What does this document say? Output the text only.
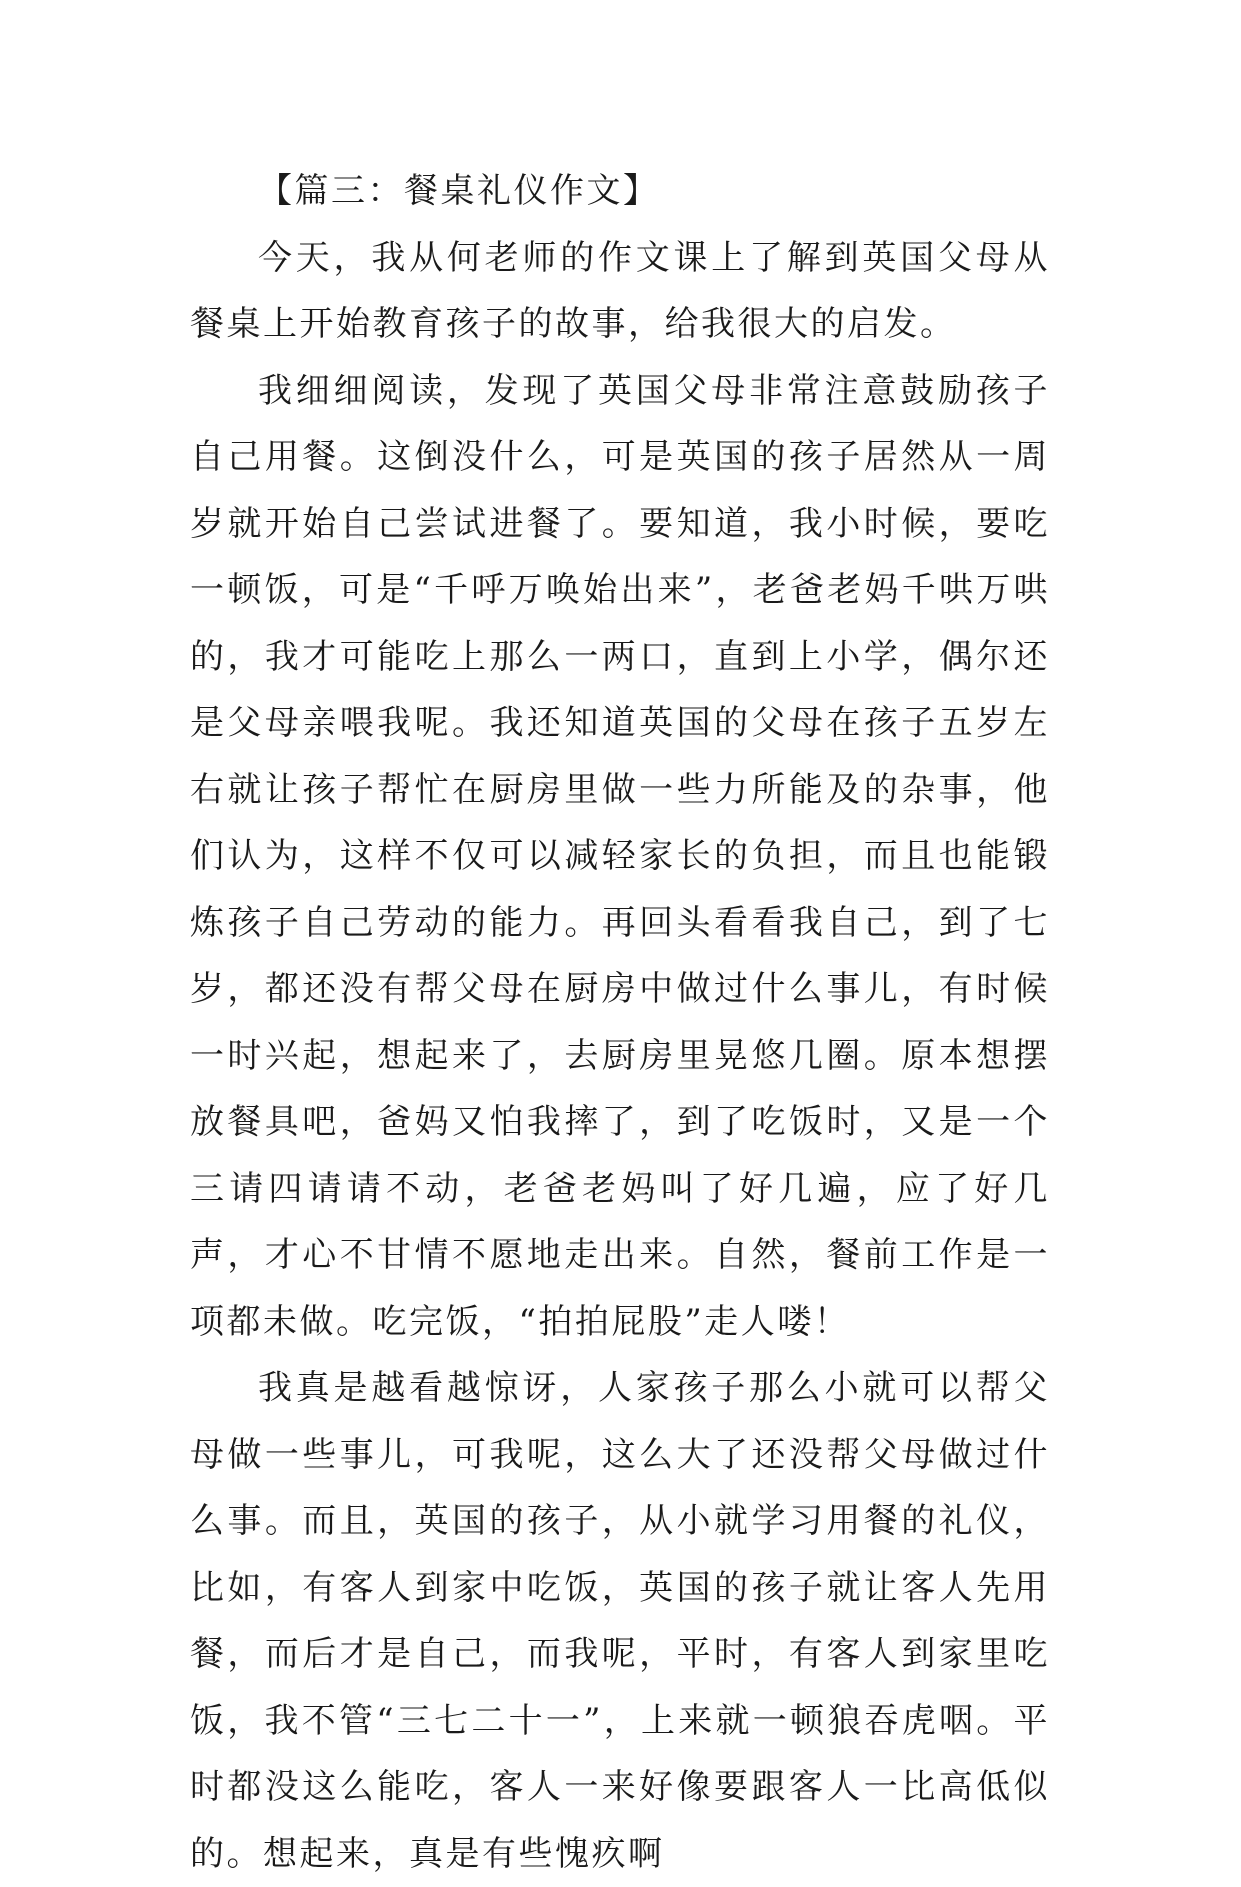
【篇三：餐桌礼仪作文】

今天，我从何老师的作文课上了解到英国父母从餐桌上开始教育孩子的故事，给我很大的启发。

我细细阅读，发现了英国父母非常注意鼓励孩子自己用餐。这倒没什么，可是英国的孩子居然从一周岁就开始自己尝试进餐了。要知道，我小时候，要吃一顿饭，可是“千呼万唤始出来”，老爸老妈千哄万哄的，我才可能吃上那么一两口，直到上小学，偶尔还是父母亲喂我呢。我还知道英国的父母在孩子五岁左右就让孩子帮忙在厨房里做一些力所能及的杂事，他们认为，这样不仅可以减轻家长的负担，而且也能锻炼孩子自己劳动的能力。再回头看看我自己，到了七岁，都还没有帮父母在厨房中做过什么事儿，有时候一时兴起，想起来了，去厨房里晃悠几圈。原本想摆放餐具吧，爸妈又怕我摔了，到了吃饭时，又是一个三请四请请不动，老爸老妈叫了好几遍，应了好几声，才心不甘情不愿地走出来。自然，餐前工作是一项都未做。吃完饭，“拍拍屁股”走人喽！

我真是越看越惊讶，人家孩子那么小就可以帮父母做一些事儿，可我呢，这么大了还没帮父母做过什么事。而且，英国的孩子，从小就学习用餐的礼仪，比如，有客人到家中吃饭，英国的孩子就让客人先用餐，而后才是自己，而我呢，平时，有客人到家里吃饭，我不管“三七二十一”，上来就一顿狼吞虎咽。平时都没这么能吃，客人一来好像要跟客人一比高低似的。想起来，真是有些愧疚啊
